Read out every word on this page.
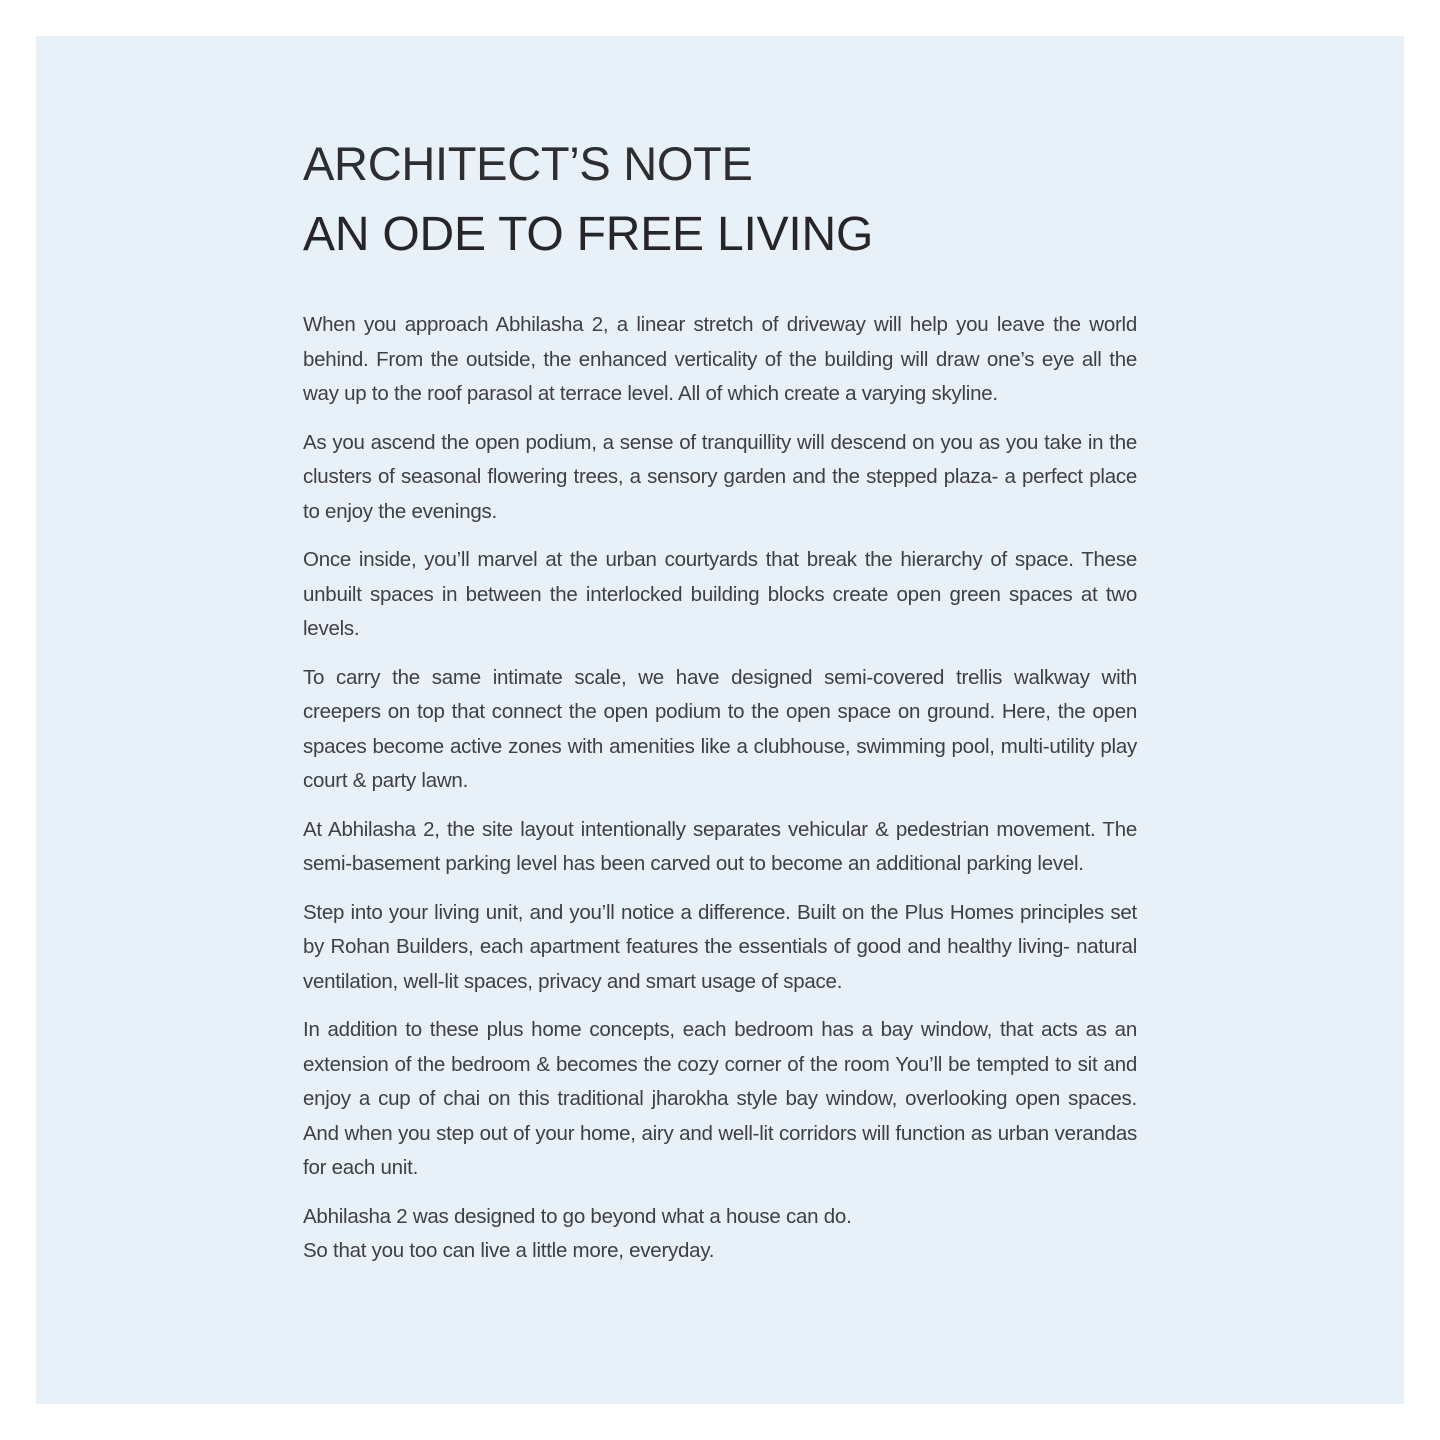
ARCHITECT’S NOTE
AN ODE TO FREE LIVING

When you approach Abhilasha 2, a linear stretch of driveway will help you leave the world behind. From the outside, the enhanced verticality of the building will draw one’s eye all the way up to the roof parasol at terrace level. All of which create a varying skyline.

As you ascend the open podium, a sense of tranquillity will descend on you as you take in the clusters of seasonal flowering trees, a sensory garden and the stepped plaza- a perfect place to enjoy the evenings.

Once inside, you’ll marvel at the urban courtyards that break the hierarchy of space. These unbuilt spaces in between the interlocked building blocks create open green spaces at two levels.

To carry the same intimate scale, we have designed semi-covered trellis walkway with creepers on top that connect the open podium to the open space on ground. Here, the open spaces become active zones with amenities like a clubhouse, swimming pool, multi-utility play court & party lawn.

At Abhilasha 2, the site layout intentionally separates vehicular & pedestrian movement. The semi-basement parking level has been carved out to become an additional parking level.

Step into your living unit, and you’ll notice a difference. Built on the Plus Homes principles set by Rohan Builders, each apartment features the essentials of good and healthy living- natural ventilation, well-lit spaces, privacy and smart usage of space.

In addition to these plus home concepts, each bedroom has a bay window, that acts as an extension of the bedroom & becomes the cozy corner of the room You’ll be tempted to sit and enjoy a cup of chai on this traditional jharokha style bay window, overlooking open spaces. And when you step out of your home, airy and well-lit corridors will function as urban verandas for each unit.

Abhilasha 2 was designed to go beyond what a house can do.
So that you too can live a little more, everyday.
